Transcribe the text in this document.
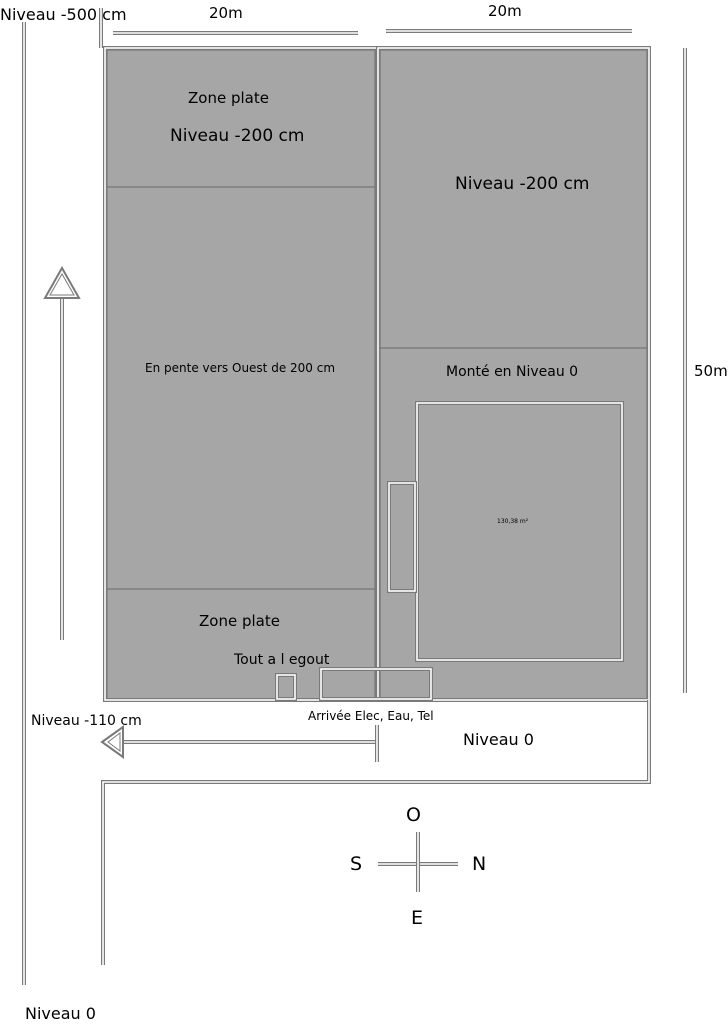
Niveau -500 cm	20m	20m
50m
Zone plate
Niveau -200 cm
Niveau -200 cm
En pente vers Ouest de 200 cm	Monté en Niveau 0
130,38 m²
Zone plate
Tout a l egout
Arrivée Elec, Eau, Tel
Niveau -110 cm
Niveau 0
Niveau 0
O
S	N
E
